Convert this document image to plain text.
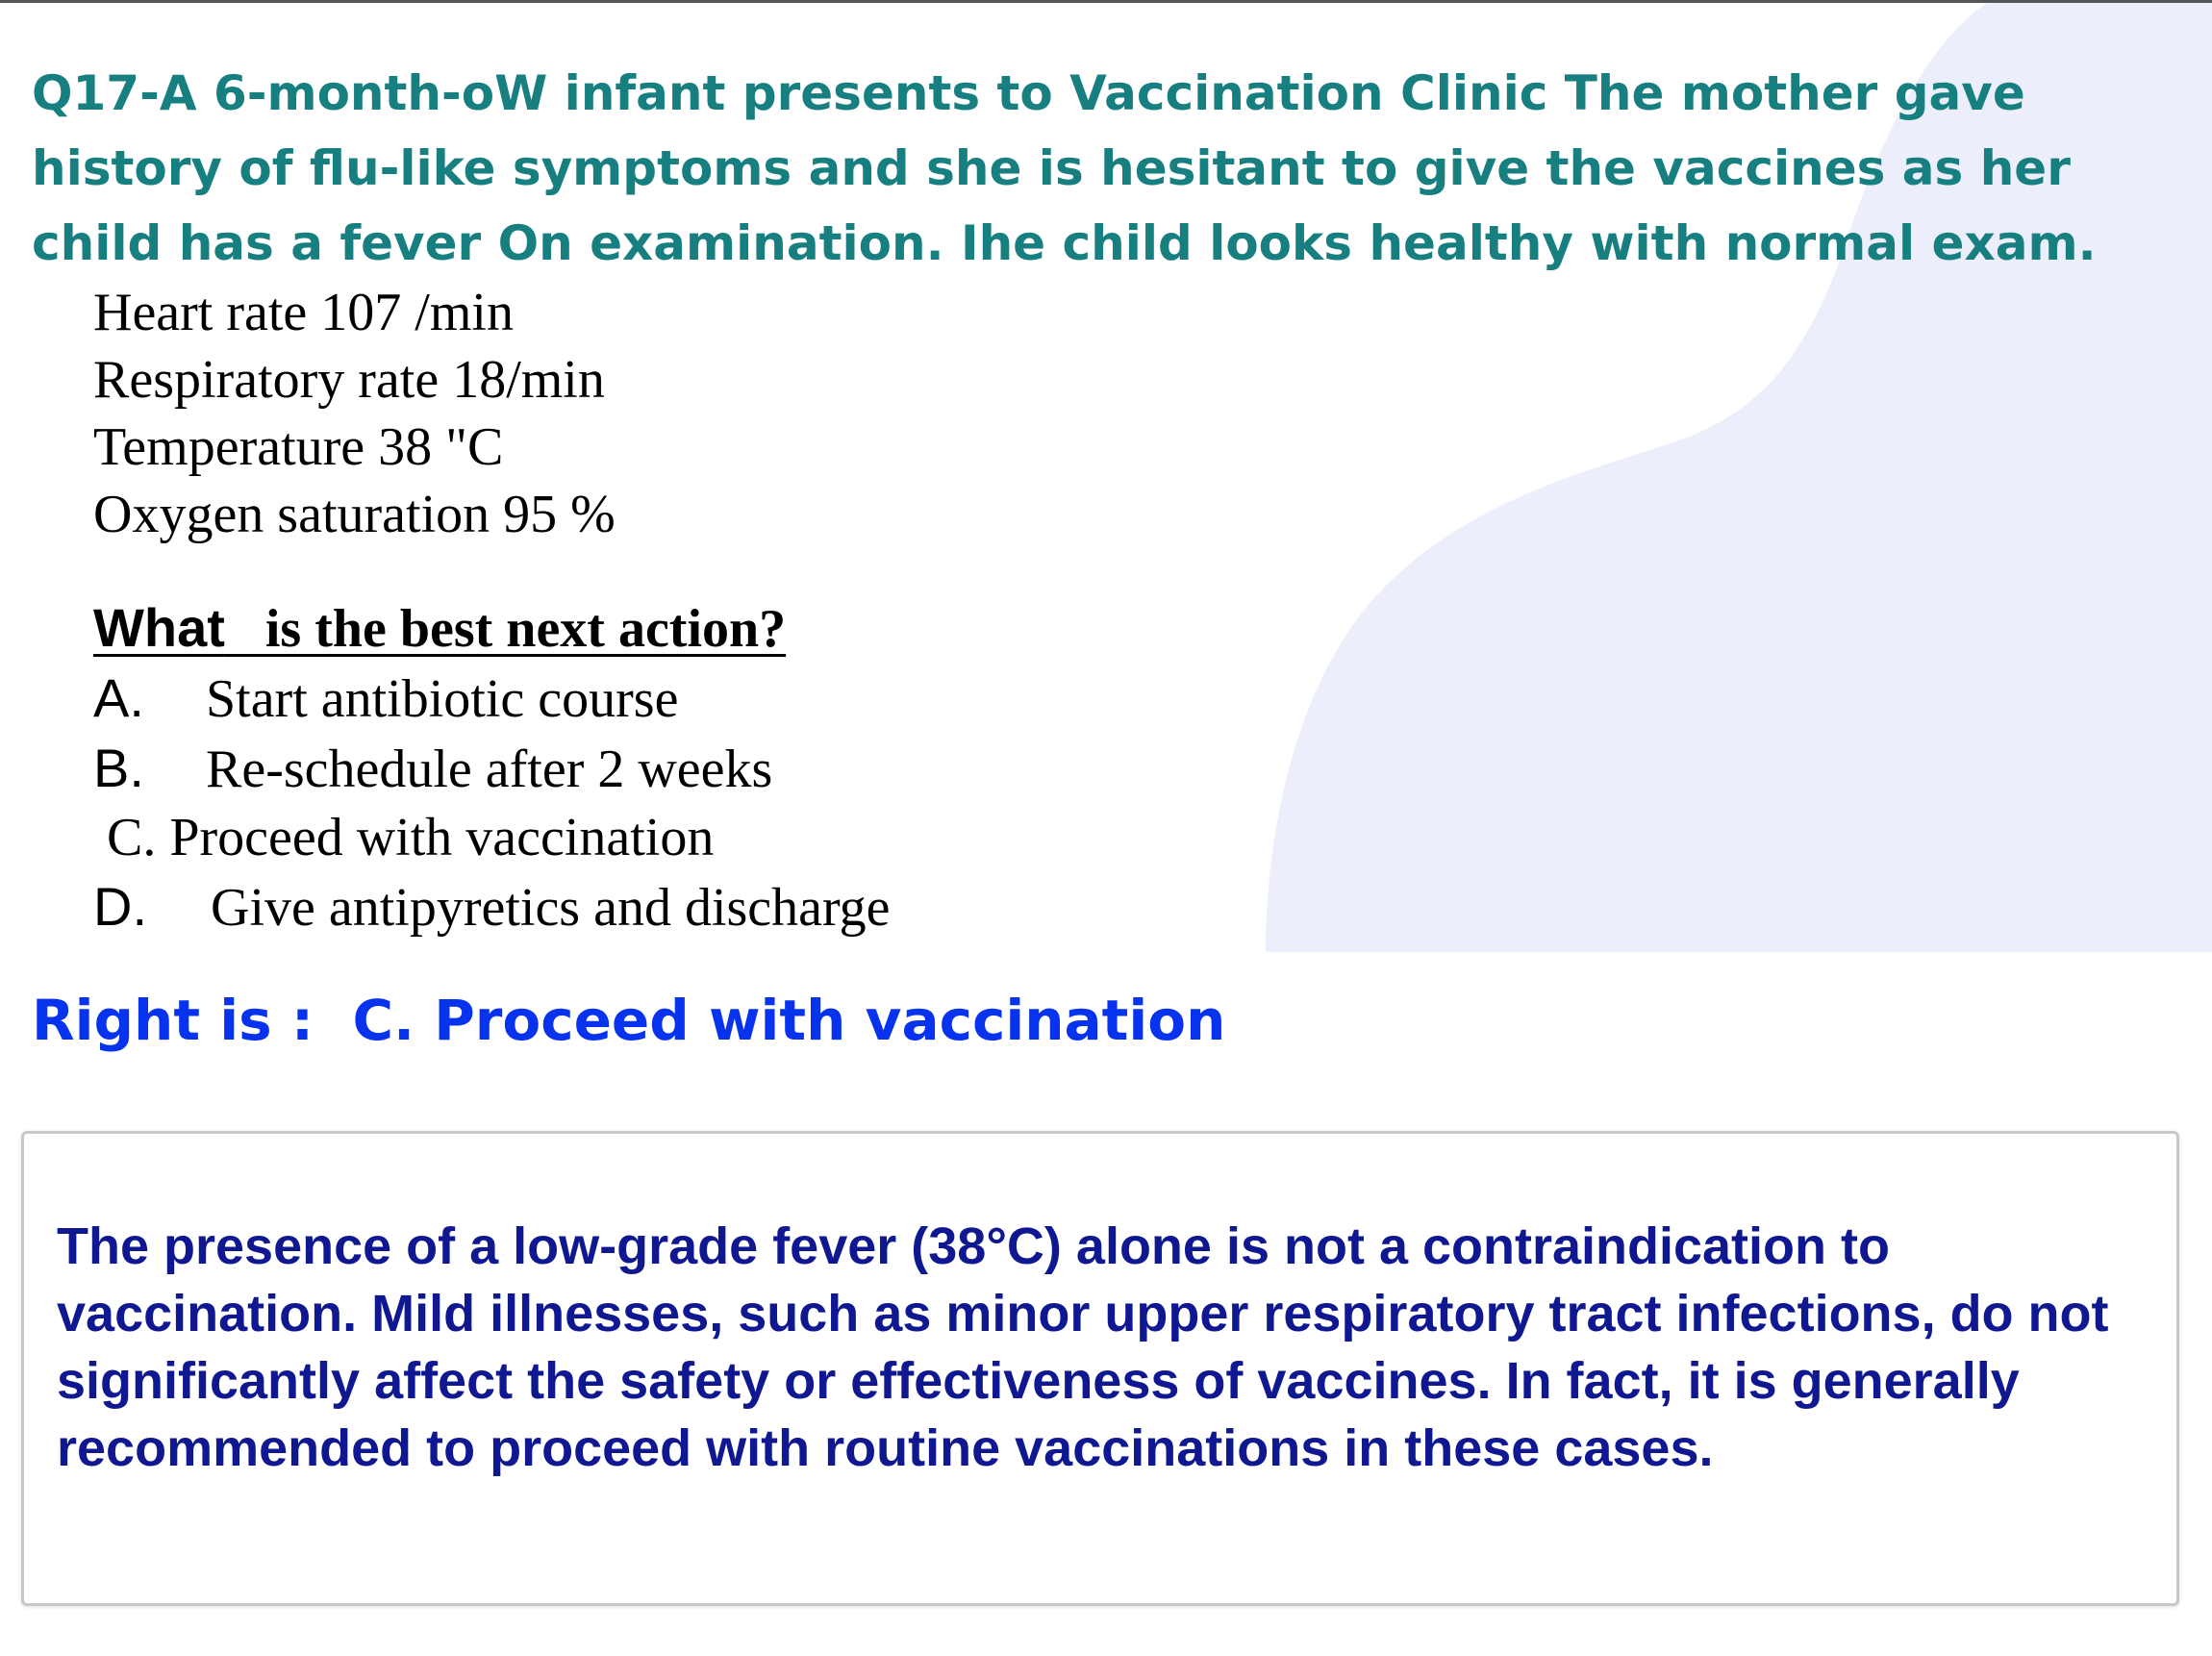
Q17-A 6-month-oW infant presents to Vaccination Clinic The mother gave history of flu-like symptoms and she is hesitant to give the vaccines as her child has a fever On examination. Ihe child looks healthy with normal exam.

Heart rate 107 /min
Respiratory rate 18/min
Temperature 38 "C
Oxygen saturation 95 %

What   is the best next action?

A. Start antibiotic course
B. Re-schedule after 2 weeks
C. Proceed with vaccination
D. Give antipyretics and discharge

Right is :  C. Proceed with vaccination

The presence of a low-grade fever (38°C) alone is not a contraindication to vaccination. Mild illnesses, such as minor upper respiratory tract infections, do not significantly affect the safety or effectiveness of vaccines. In fact, it is generally recommended to proceed with routine vaccinations in these cases.
